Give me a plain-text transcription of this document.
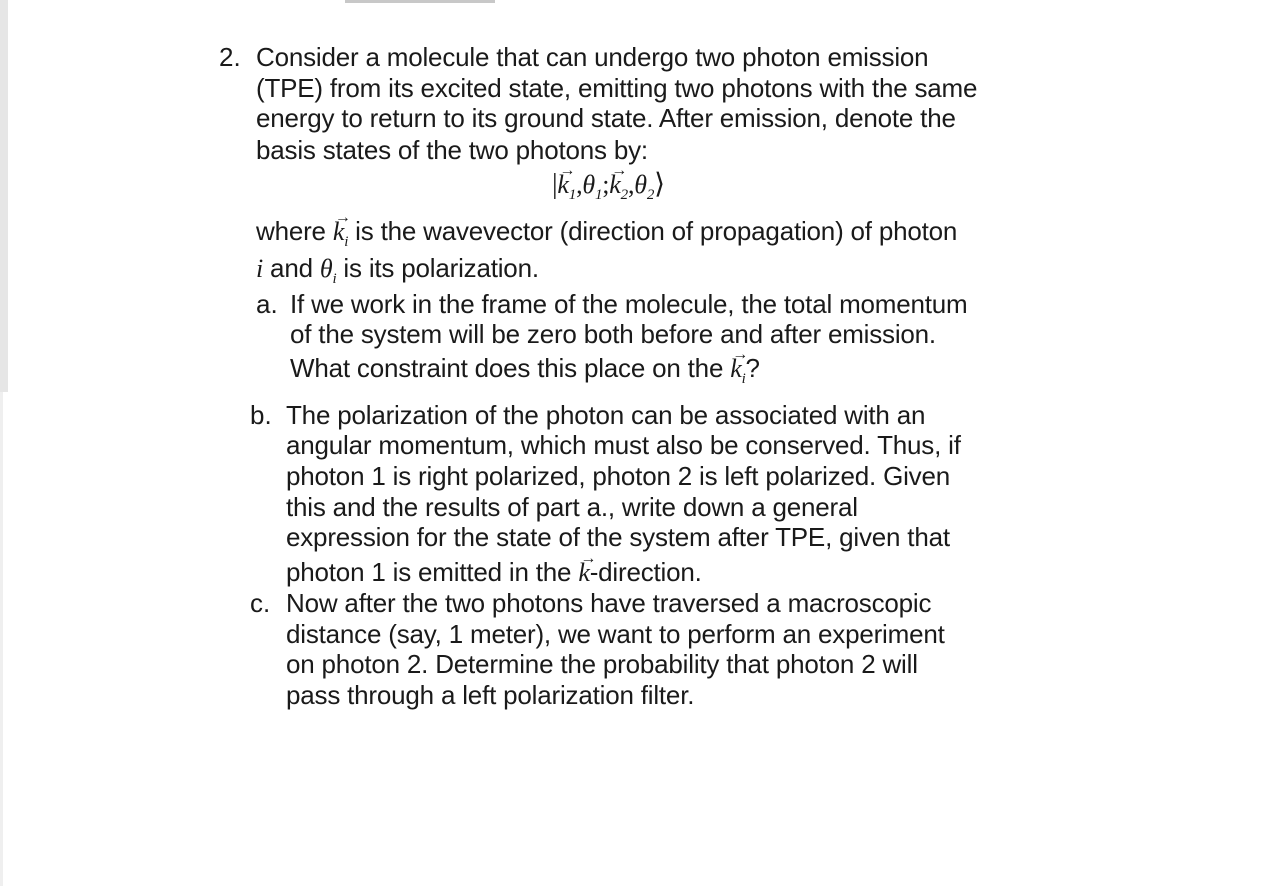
2. Consider a molecule that can undergo two photon emission
(TPE) from its excited state, emitting two photons with the same
energy to return to its ground state. After emission, denote the
basis states of the two photons by:
|→ $k_1,\theta_1;\to$ $k_2,\theta_2⟩$
where → $k_i$ is the wavevector (direction of propagation) of photon
i and $\theta_i$ is its polarization.
a. If we work in the frame of the molecule, the total momentum
of the system will be zero both before and after emission.
What constraint does this place on the → $k_i$?
b. The polarization of the photon can be associated with an
angular momentum, which must also be conserved. Thus, if
photon 1 is right polarized, photon 2 is left polarized. Given
this and the results of part a., write down a general
expression for the state of the system after TPE, given that
photon 1 is emitted in the → k-direction.
c. Now after the two photons have traversed a macroscopic
distance (say, 1 meter), we want to perform an experiment
on photon 2. Determine the probability that photon 2 will
pass through a left polarization filter.
